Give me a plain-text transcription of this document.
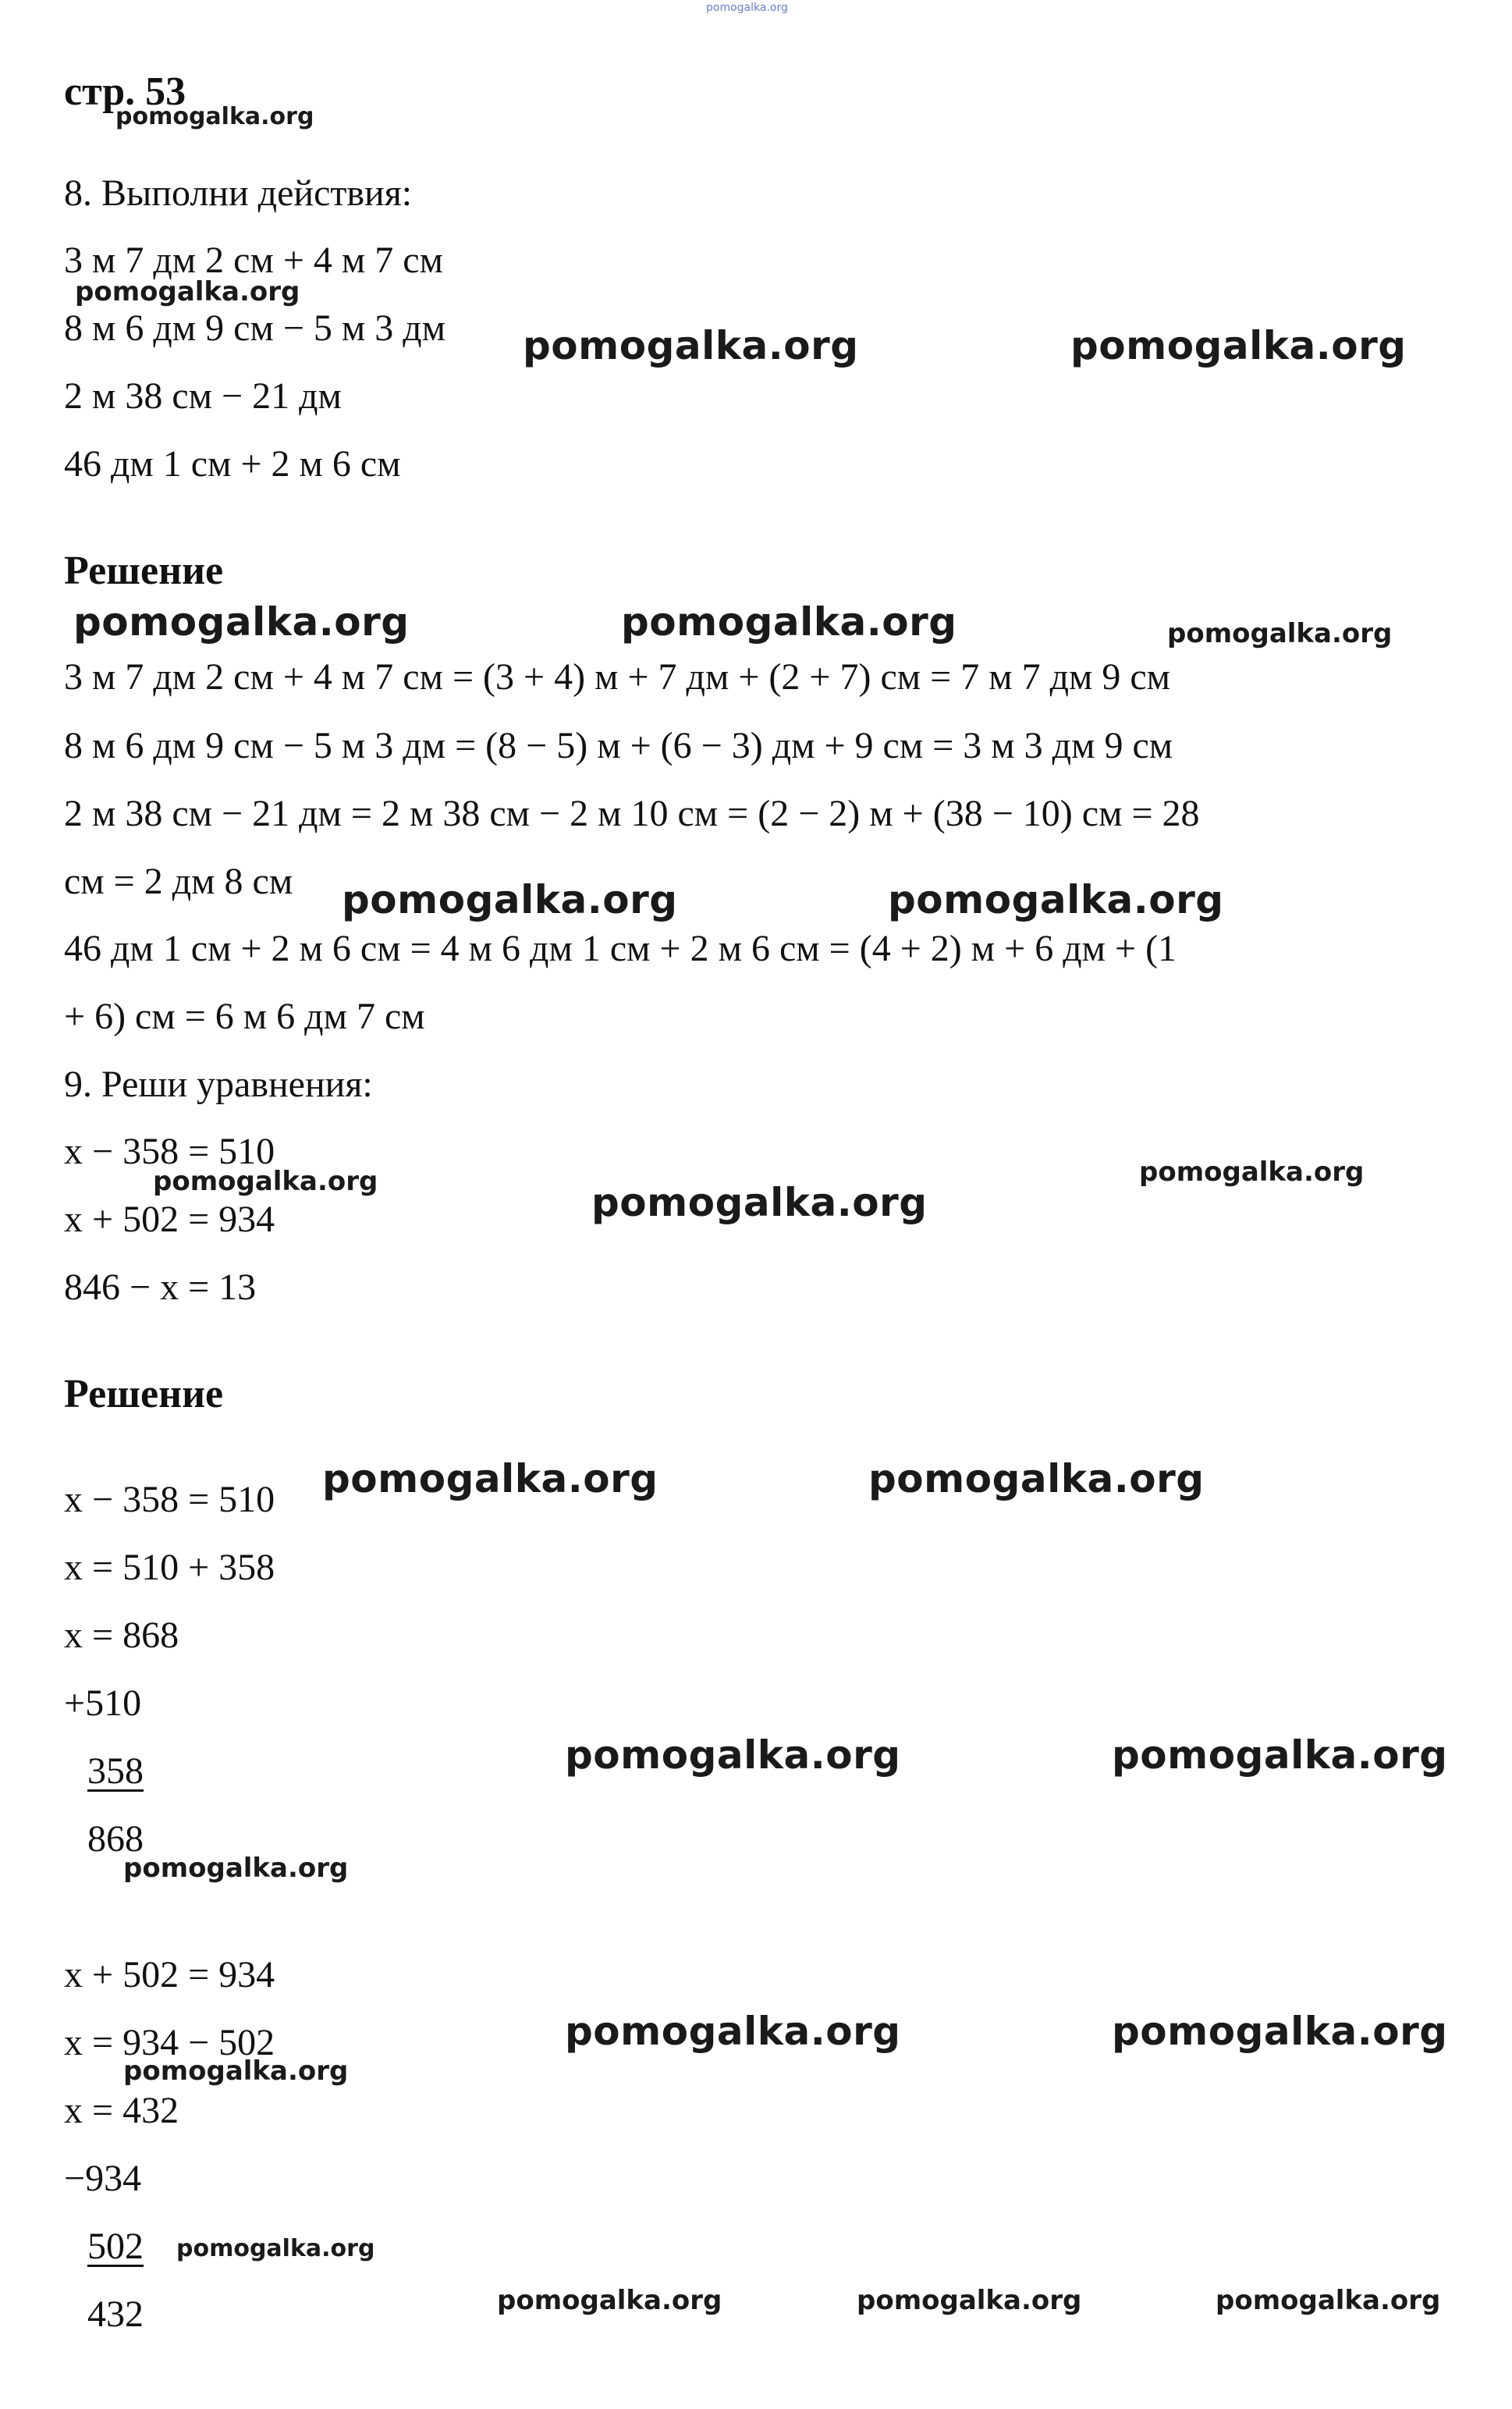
pomogalka.org
стр. 53
pomogalka.org
8. Выполни действия:
3 м 7 дм 2 см + 4 м 7 см
pomogalka.org
8 м 6 дм 9 см − 5 м 3 дм pomogalka.org	pomogalka.org
2 м 38 см − 21 дм
46 дм 1 см + 2 м 6 см
Решение
pomogalka.org	pomogalka.org	pomogalka.org
3 м 7 дм 2 см + 4 м 7 см = (3 + 4) м + 7 дм + (2 + 7) см = 7 м 7 дм 9 см
8 м 6 дм 9 см − 5 м 3 дм = (8 − 5) м + (6 − 3) дм + 9 см = 3 м 3 дм 9 см
2 м 38 см − 21 дм = 2 м 38 см − 2 м 10 см = (2 − 2) м + (38 − 10) см = 28
см = 2 дм 8 см pomogalka.org	pomogalka.org
46 дм 1 см + 2 м 6 см = 4 м 6 дм 1 см + 2 м 6 см = (4 + 2) м + 6 дм + (1
+ 6) см = 6 м 6 дм 7 см
9. Реши уравнения:
x − 358 = 510
pomogalka.org	pomogalka.org
x + 502 = 934	pomogalka.org
846 − x = 13
Решение
x − 358 = 510 pomogalka.org	pomogalka.org
x = 510 + 358
x = 868
+510
358	pomogalka.org	pomogalka.org
868
pomogalka.org
x + 502 = 934
x = 934 − 502	pomogalka.org	pomogalka.org
pomogalka.org
x = 432
−934
502 pomogalka.org
432	pomogalka.org	pomogalka.org	pomogalka.org
